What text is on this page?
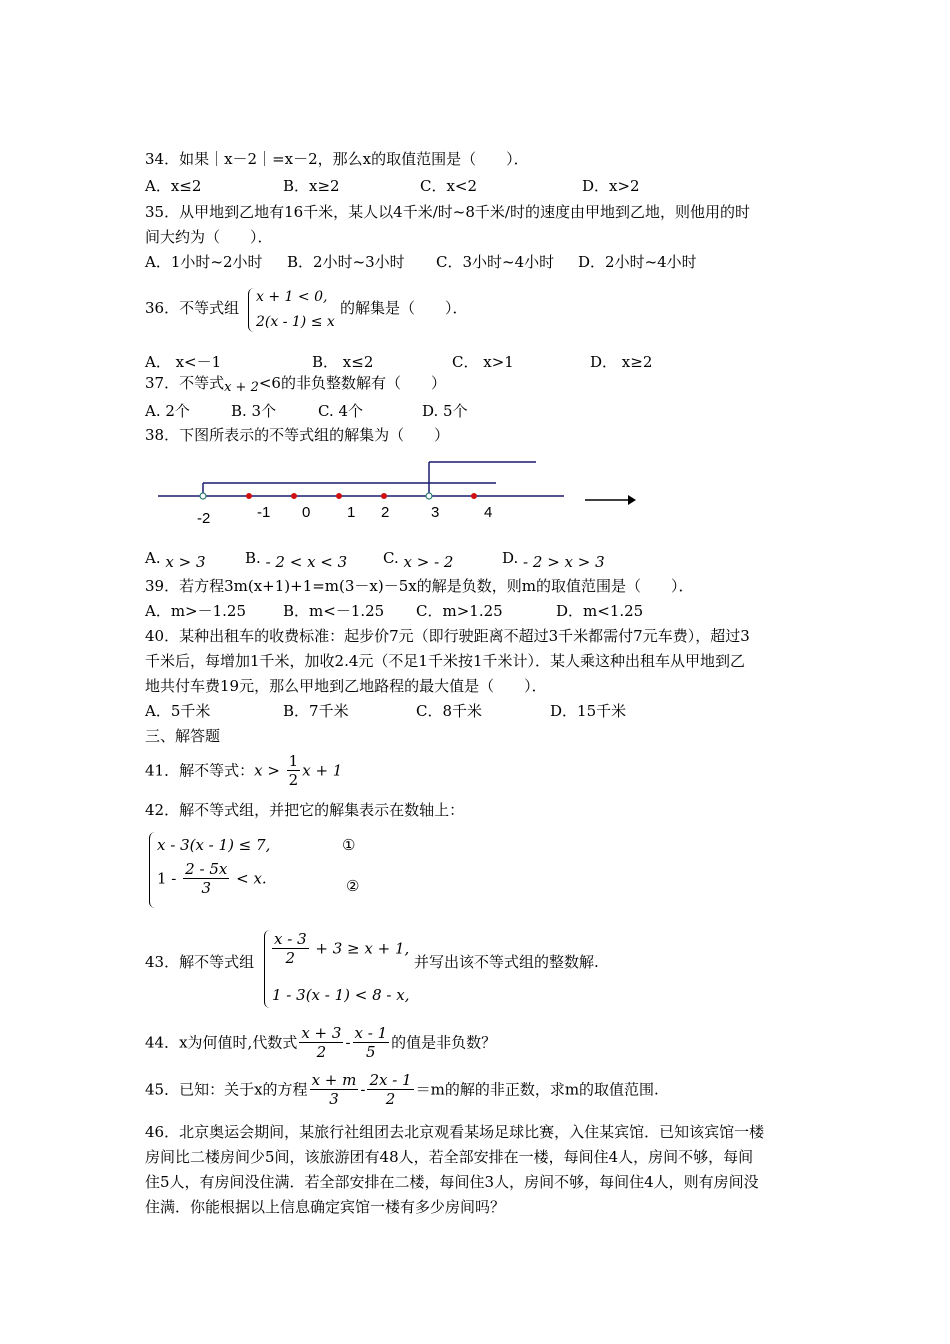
34．如果｜x－2｜=x－2，那么x的取值范围是（　　）．
A．x≤2	B．x≥2	C．x<2	D．x>2
35．从甲地到乙地有16千米，某人以4千米/时~8千米/时的速度由甲地到乙地，则他用的时
间大约为（　　）．
A．1小时~2小时 B．2小时~3小时 C．3小时~4小时 D．2小时~4小时
36．不等式组
x + 1 < 0,
2(x - 1) ≤ x
的解集是（　　）．
A． x<－1	B． x≤2	C． x>1	D． x≥2
37．不等式x + 2<6的非负整数解有（　　）
A. 2个	B. 3个	C. 4个	D. 5个
38．下图所表示的不等式组的解集为（　　）
-2	-1 0 1 2	3	4
A. x > 3	B. - 2 < x < 3 C. x > - 2	D. - 2 > x > 3
39．若方程3m(x+1)+1=m(3－x)－5x的解是负数，则m的取值范围是（　　）．
A．m>－1.25 B．m<－1.25 C．m>1.25	D．m<1.25
40．某种出租车的收费标准：起步价7元（即行驶距离不超过3千米都需付7元车费），超过3
千米后，每增加1千米，加收2.4元（不足1千米按1千米计）．某人乘这种出租车从甲地到乙
地共付车费19元，那么甲地到乙地路程的最大值是（　　）．
A．5千米	B．7千米	C．8千米	D．15千米
三、解答题
41．解不等式：$x > \frac{1}{2}$ x + 1
42．解不等式组，并把它的解集表示在数轴上：
x - 3(x - 1) ≤ 7,	①
$1 - \frac{2 - 5x}{3} < x$.	②
43．解不等式组 $\frac{x - 3}{2} + 3 \ge x + 1$,
1 - 3(x - 1) < 8 - x,
并写出该不等式组的整数解.
44．x为何值时,代数式 $\frac{x + 3}{2} - \frac{x - 1}{5}$ 的值是非负数？
45．已知：关于x的方程 $\frac{x + m}{3} - \frac{2x - 1}{2} =m$的解的非正数，求m的取值范围.
46．北京奥运会期间，某旅行社组团去北京观看某场足球比赛，入住某宾馆．已知该宾馆一楼
房间比二楼房间少5间，该旅游团有48人，若全部安排在一楼，每间住4人，房间不够，每间
住5人，有房间没住满．若全部安排在二楼，每间住3人，房间不够，每间住4人，则有房间没
住满．你能根据以上信息确定宾馆一楼有多少房间吗？
